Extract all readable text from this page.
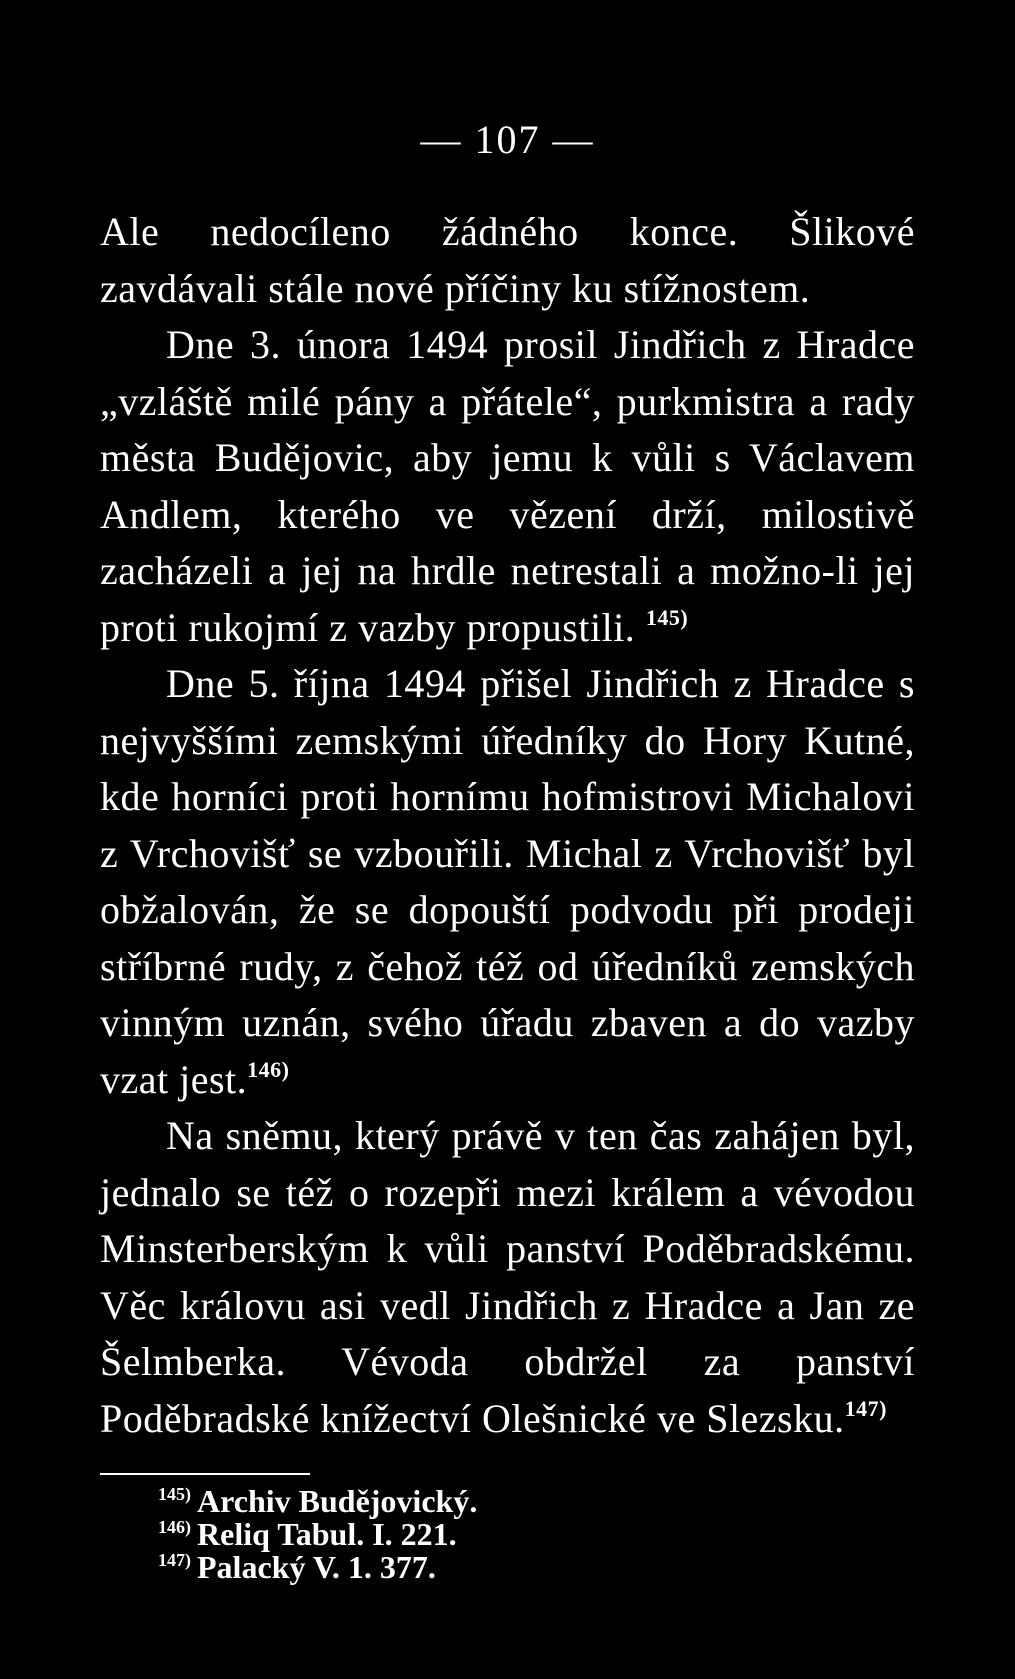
— 107 —

Ale nedocíleno žádného konce. Šlikové zavdávali stále nové příčiny ku stížnostem.

Dne 3. února 1494 prosil Jindřich z Hradce „vzláště milé pány a přátele“, purkmistra a rady města Budějovic, aby jemu k vůli s Václavem Andlem, kterého ve vězení drží, milostivě zacházeli a jej na hrdle netrestali a možno-li jej proti rukojmí z vazby propustili. $^{145)}$

Dne 5. října 1494 přišel Jindřich z Hradce s nejvyššími zemskými úředníky do Hory Kutné, kde horníci proti hornímu hofmistrovi Michalovi z Vrchovišť se vzbouřili. Michal z Vrchovišť byl obžalován, že se dopouští podvodu při prodeji stříbrné rudy, z čehož též od úředníků zemských vinným uznán, svého úřadu zbaven a do vazby vzat jest.$^{146)}$

Na sněmu, který právě v ten čas zahájen byl, jednalo se též o rozepři mezi králem a vévodou Minsterberským k vůli panství Poděbradskému. Věc královu asi vedl Jindřich z Hradce a Jan ze Šelmberka. Vévoda obdržel za panství Poděbradské knížectví Olešnické ve Slezsku.$^{147)}$

$^{145)}$ Archiv Budějovický.
$^{146)}$ Reliq Tabul. I. 221.
$^{147)}$ Palacký V. 1. 377.
